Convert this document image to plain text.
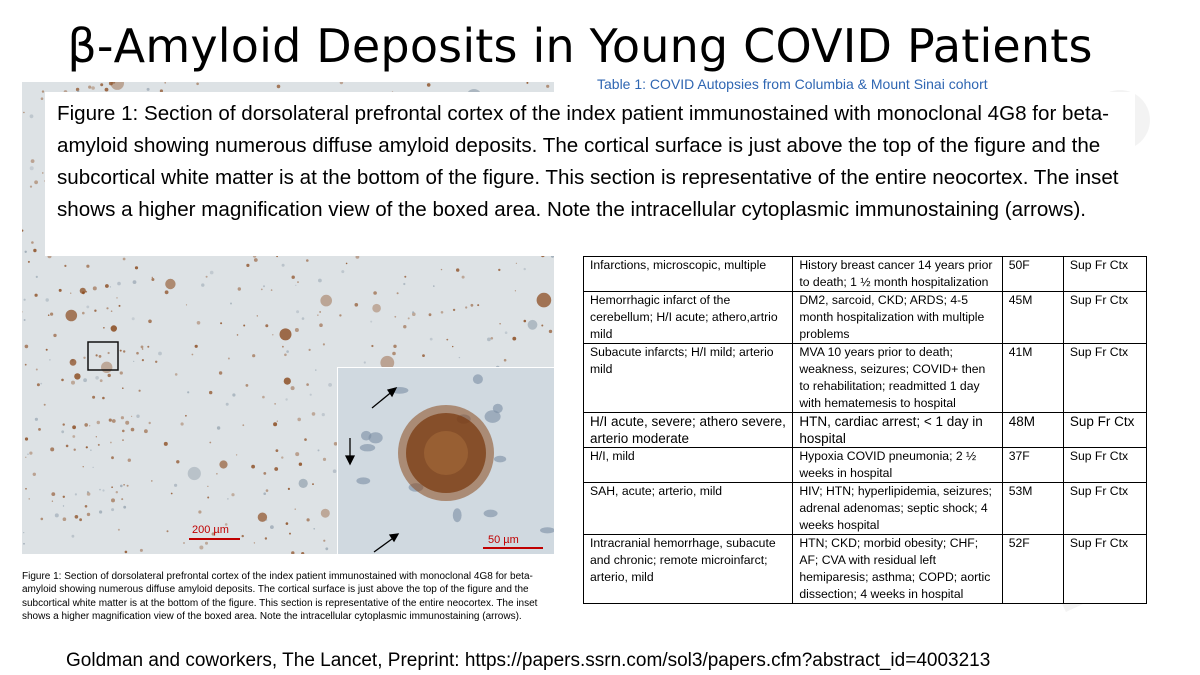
β-Amyloid Deposits in Young COVID Patients
Table 1: COVID Autopsies from Columbia & Mount Sinai cohort
50 µm
200 µm
Figure 1: Section of dorsolateral prefrontal cortex of the index patient immunostained with monoclonal 4G8 for beta-amyloid showing numerous diffuse amyloid deposits. The cortical surface is just above the top of the figure and the subcortical white matter is at the bottom of the figure. This section is representative of the entire neocortex. The inset shows a higher magnification view of the boxed area. Note the intracellular cytoplasmic immunostaining (arrows).
Figure 1: Section of dorsolateral prefrontal cortex of the index patient immunostained with monoclonal 4G8 for beta-amyloid showing numerous diffuse amyloid deposits. The cortical surface is just above the top of the figure and the subcortical white matter is at the bottom of the figure. This section is representative of the entire neocortex. The inset shows a higher magnification view of the boxed area. Note the intracellular cytoplasmic immunostaining (arrows).
Infarctions, microscopic, multiple	History breast cancer 14 years prior to death; 1 ½ month hospitalization	50F	Sup Fr Ctx
Hemorrhagic infarct of the cerebellum; H/I acute; athero,artrio mild	DM2, sarcoid, CKD; ARDS; 4-5 month hospitalization with multiple problems	45M	Sup Fr Ctx
Subacute infarcts; H/I mild; arterio mild	MVA 10 years prior to death; weakness, seizures; COVID+ then to rehabilitation; readmitted 1 day with hematemesis to hospital	41M	Sup Fr Ctx
H/I acute, severe; athero severe, arterio moderate	HTN, cardiac arrest; < 1 day in hospital	48M	Sup Fr Ctx
H/I, mild	Hypoxia COVID pneumonia; 2 ½ weeks in hospital	37F	Sup Fr Ctx
SAH, acute; arterio, mild	HIV; HTN; hyperlipidemia, seizures; adrenal adenomas; septic shock; 4 weeks hospital	53M	Sup Fr Ctx
Intracranial hemorrhage, subacute and chronic; remote microinfarct; arterio, mild	HTN; CKD; morbid obesity; CHF; AF; CVA with residual left hemiparesis; asthma; COPD; aortic dissection; 4 weeks in hospital	52F	Sup Fr Ctx
Goldman and coworkers, The Lancet, Preprint: https://papers.ssrn.com/sol3/papers.cfm?abstract_id=4003213
